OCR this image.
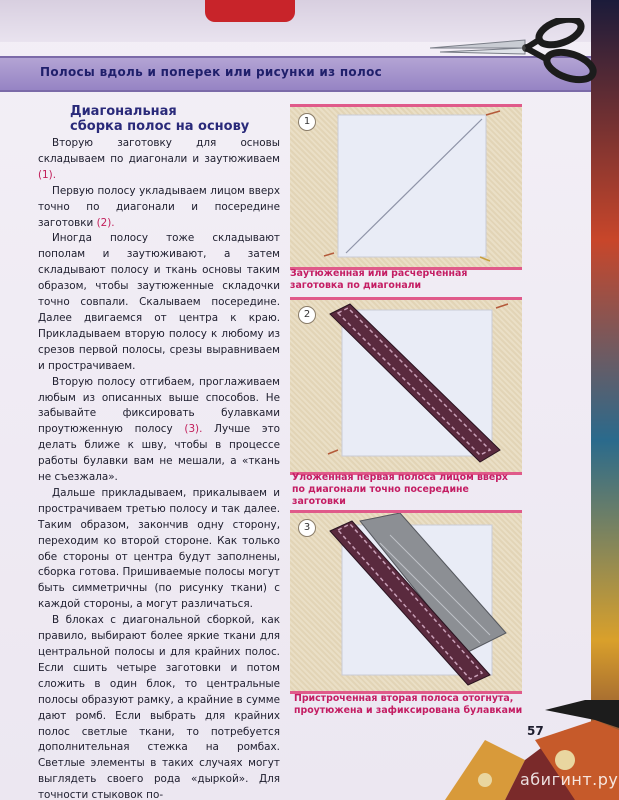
Полосы вдоль и поперек или рисунки из полос
Диагональная
сборка полос на основу

Вторую заготовку для основы складываем по диагонали и заутюживаем (1).

Первую полосу укладываем лицом вверх точно по диагонали и посередине заготовки (2).

Иногда полосу тоже складывают пополам и заутюживают, а затем складывают полосу и ткань основы таким образом, чтобы заутюженные складочки точно совпали. Скалываем посередине. Далее двигаемся от центра к краю. Прикладываем вторую полосу к любому из срезов первой полосы, срезы выравниваем и прострачиваем.

Вторую полосу отгибаем, проглаживаем любым из описанных выше способов. Не забывайте фиксировать булавками проутюженную полосу (3). Лучше это делать ближе к шву, чтобы в процессе работы булавки вам не мешали, а «ткань не съезжала».

Дальше прикладываем, прикалываем и прострачиваем третью полосу и так далее. Таким образом, закончив одну сторону, переходим ко второй стороне. Как только обе стороны от центра будут заполнены, сборка готова. Пришиваемые полосы могут быть симметричны (по рисунку ткани) с каждой стороны, а могут различаться.

В блоках с диагональной сборкой, как правило, выбирают более яркие ткани для центральной полосы и для крайних полос. Если сшить четыре заготовки и потом сложить в один блок, то центральные полосы образуют рамку, а крайние в сумме дают ромб. Если выбрать для крайних полос светлые ткани, то потребуется дополнительная стежка на ромбах. Светлые элементы в таких случаях могут выглядеть своего рода «дыркой». Для точности стыковок по-

1
Заутюженная или расчерченная заготовка по диагонали
2
Уложенная первая полоса лицом вверх по диагонали точно посередине заготовки
3
Пристроченная вторая полоса отогнута, проутюжена и зафиксирована булавками
57
абигинт.ру
